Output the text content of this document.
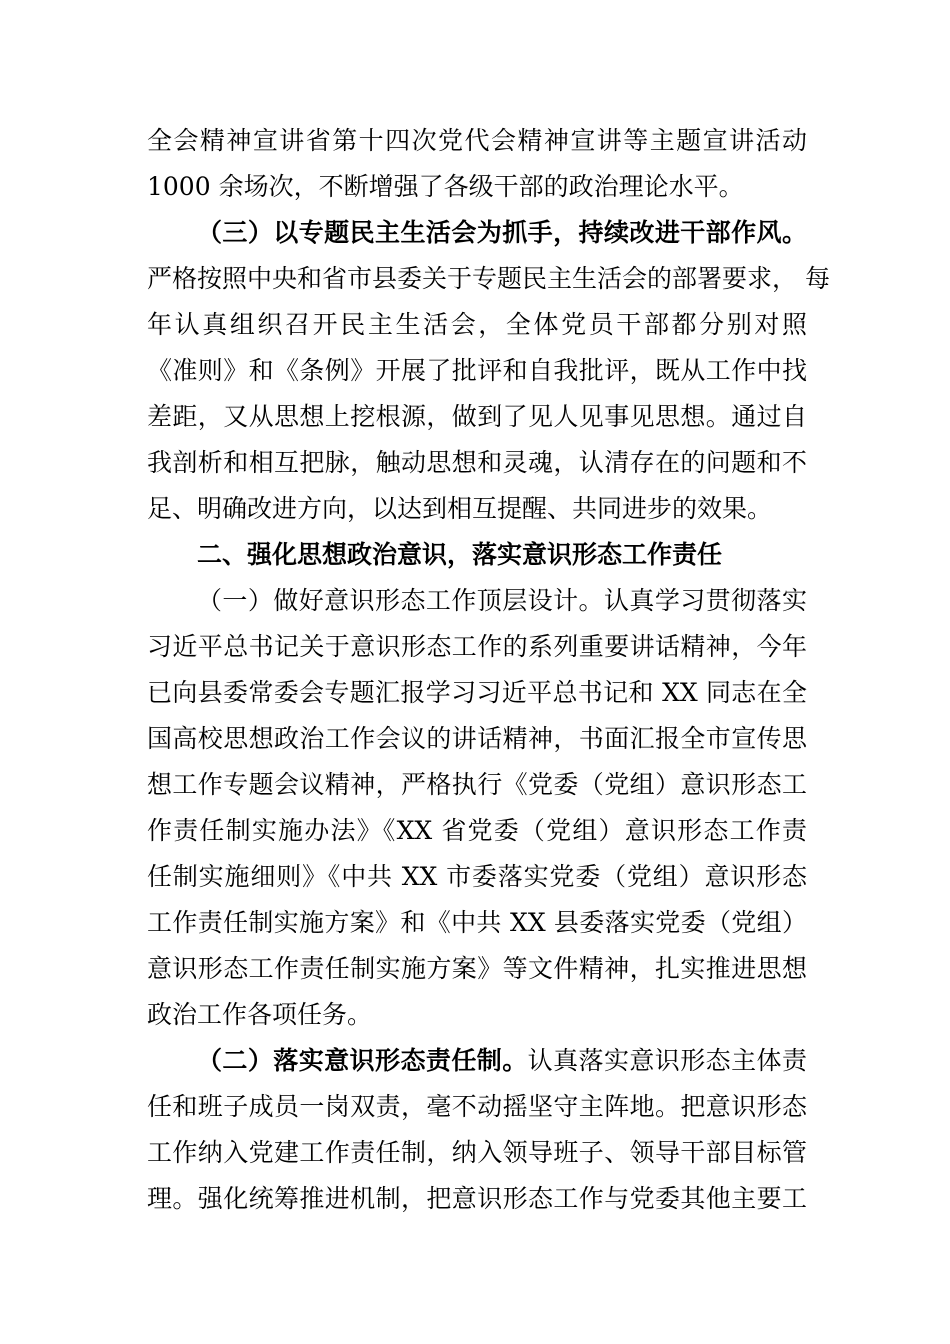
全会精神宣讲省第十四次党代会精神宣讲等主题宣讲活动
1000 余场次，不断增强了各级干部的政治理论水平。
（三）以专题民主生活会为抓手，持续改进干部作风。
严格按照中央和省市县委关于专题民主生活会的部署要求， 每
年认真组织召开民主生活会，全体党员干部都分别对照
《准则》和《条例》开展了批评和自我批评，既从工作中找
差距，又从思想上挖根源，做到了见人见事见思想。通过自
我剖析和相互把脉，触动思想和灵魂，认清存在的问题和不
足、明确改进方向，以达到相互提醒、共同进步的效果。
二、强化思想政治意识，落实意识形态工作责任
（一）做好意识形态工作顶层设计。认真学习贯彻落实
习近平总书记关于意识形态工作的系列重要讲话精神，今年
已向县委常委会专题汇报学习习近平总书记和 XX 同志在全
国高校思想政治工作会议的讲话精神，书面汇报全市宣传思
想工作专题会议精神，严格执行《党委（党组）意识形态工
作责任制实施办法》《XX 省党委（党组）意识形态工作责
任制实施细则》《中共 XX 市委落实党委（党组）意识形态
工作责任制实施方案》和《中共 XX 县委落实党委（党组）
意识形态工作责任制实施方案》等文件精神，扎实推进思想
政治工作各项任务。
（二）落实意识形态责任制。认真落实意识形态主体责
任和班子成员一岗双责，毫不动摇坚守主阵地。把意识形态
工作纳入党建工作责任制，纳入领导班子、领导干部目标管
理。强化统筹推进机制，把意识形态工作与党委其他主要工
